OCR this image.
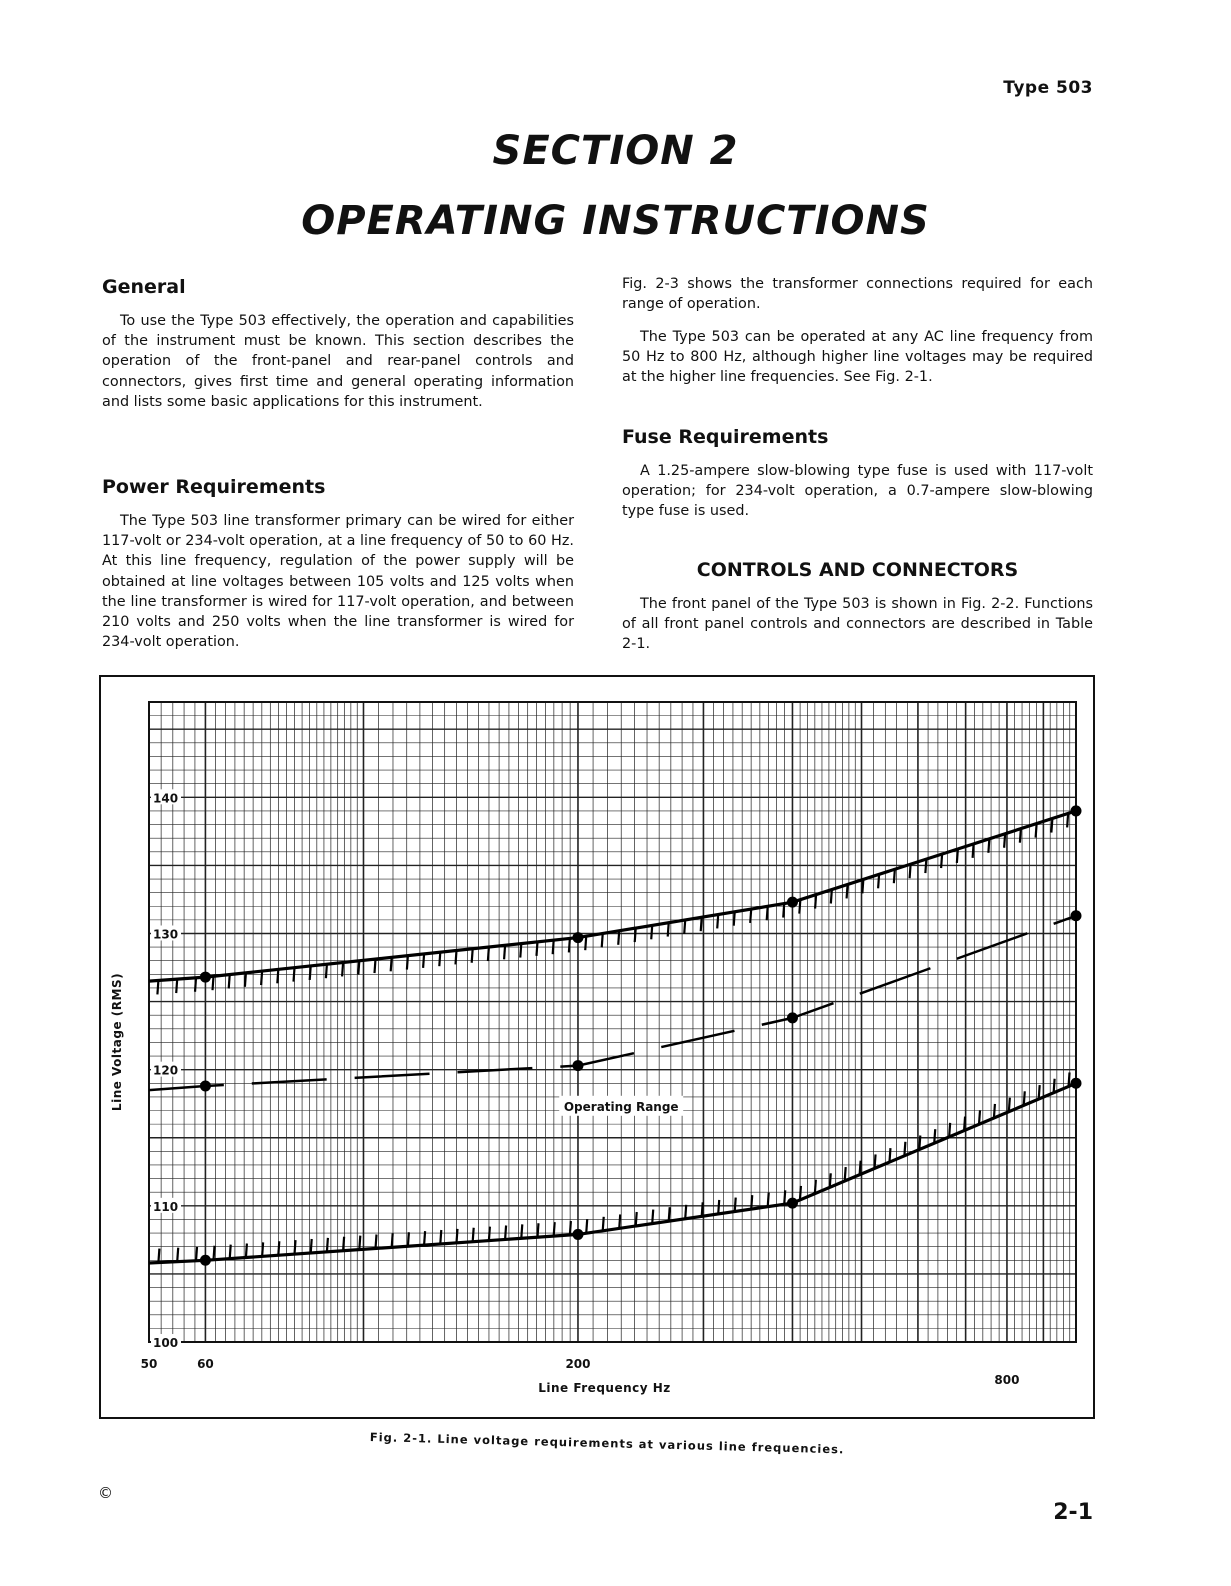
Type 503
SECTION 2
OPERATING INSTRUCTIONS
General

To use the Type 503 effectively, the operation and capabilities of the instrument must be known. This section describes the operation of the front-panel and rear-panel controls and connectors, gives first time and general operating information and lists some basic applications for this instrument.

Power Requirements

The Type 503 line transformer primary can be wired for either 117-volt or 234-volt operation, at a line frequency of 50 to 60 Hz. At this line frequency, regulation of the power supply will be obtained at line voltages between 105 volts and 125 volts when the line transformer is wired for 117-volt operation, and between 210 volts and 250 volts when the line transformer is wired for 234-volt operation.

Fig. 2-3 shows the transformer connections required for each range of operation.

The Type 503 can be operated at any AC line frequency from 50 Hz to 800 Hz, although higher line voltages may be required at the higher line frequencies. See Fig. 2-1.

Fuse Requirements

A 1.25-ampere slow-blowing type fuse is used with 117-volt operation; for 234-volt operation, a 0.7-ampere slow-blowing type fuse is used.

CONTROLS AND CONNECTORS

The front panel of the Type 503 is shown in Fig. 2-2. Functions of all front panel controls and connectors are described in Table 2-1.

100
110
120
130
140
50	60	200
800
Line Frequency Hz
Line Voltage (RMS)	Operating Range
Fig. 2-1. Line voltage requirements at various line frequencies.
©
2-1
